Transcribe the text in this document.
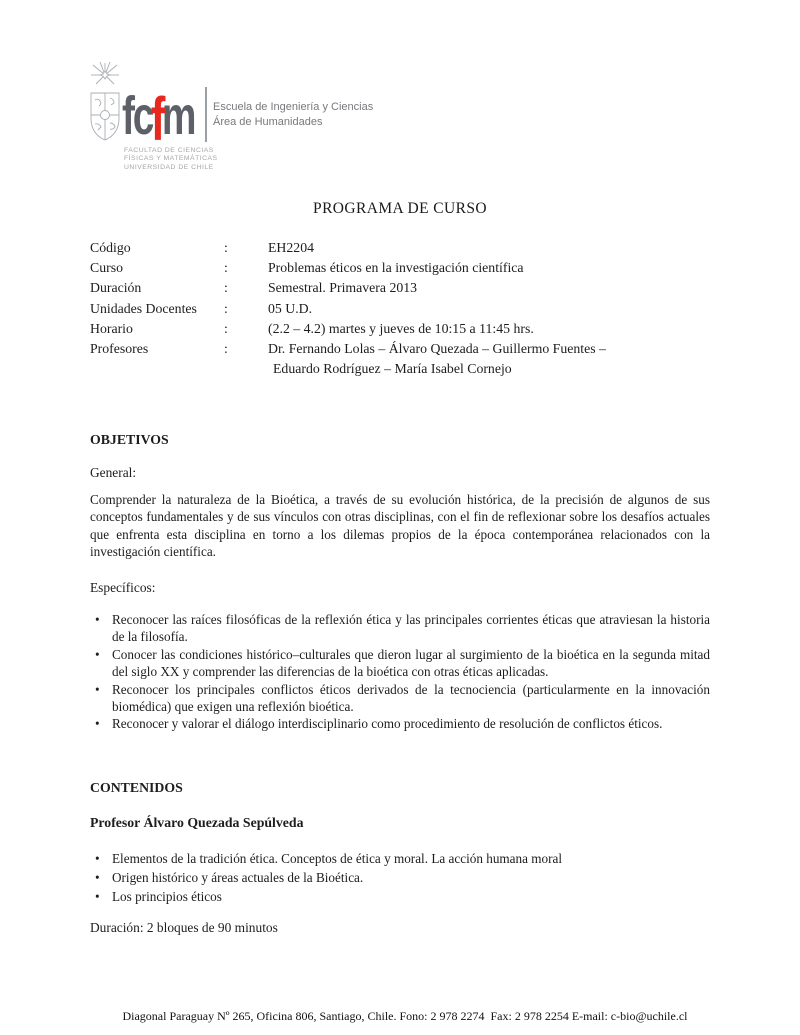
fcfm Escuela de Ingeniería y Ciencias
Área de Humanidades
FACULTAD DE CIENCIAS
FÍSICAS Y MATEMÁTICAS
UNIVERSIDAD DE CHILE
PROGRAMA DE CURSO
Código	:	EH2204
Curso	:	Problemas éticos en la investigación científica
Duración	:	Semestral. Primavera 2013
Unidades Docentes	:	05 U.D.
Horario	:	(2.2 – 4.2) martes y jueves de 10:15 a 11:45 hrs.
Profesores	:	Dr. Fernando Lolas – Álvaro Quezada – Guillermo Fuentes –
Eduardo Rodríguez – María Isabel Cornejo
OBJETIVOS
General:
Comprender la naturaleza de la Bioética, a través de su evolución histórica, de la precisión de algunos de sus conceptos fundamentales y de sus vínculos con otras disciplinas, con el fin de reflexionar sobre los desafíos actuales que enfrenta esta disciplina en torno a los dilemas propios de la época contemporánea relacionados con la investigación científica.
Específicos:
• Reconocer las raíces filosóficas de la reflexión ética y las principales corrientes éticas que atraviesan la historia de la filosofía.
• Conocer las condiciones histórico–culturales que dieron lugar al surgimiento de la bioética en la segunda mitad del siglo XX y comprender las diferencias de la bioética con otras éticas aplicadas.
• Reconocer los principales conflictos éticos derivados de la tecnociencia (particularmente en la innovación biomédica) que exigen una reflexión bioética.
• Reconocer y valorar el diálogo interdisciplinario como procedimiento de resolución de conflictos éticos.
CONTENIDOS
Profesor Álvaro Quezada Sepúlveda
• Elementos de la tradición ética. Conceptos de ética y moral. La acción humana moral
• Origen histórico y áreas actuales de la Bioética.
• Los principios éticos
Duración: 2 bloques de 90 minutos
Diagonal Paraguay Nº 265, Oficina 806, Santiago, Chile. Fono: 2 978 2274  Fax: 2 978 2254 E-mail: c-bio@uchile.cl
